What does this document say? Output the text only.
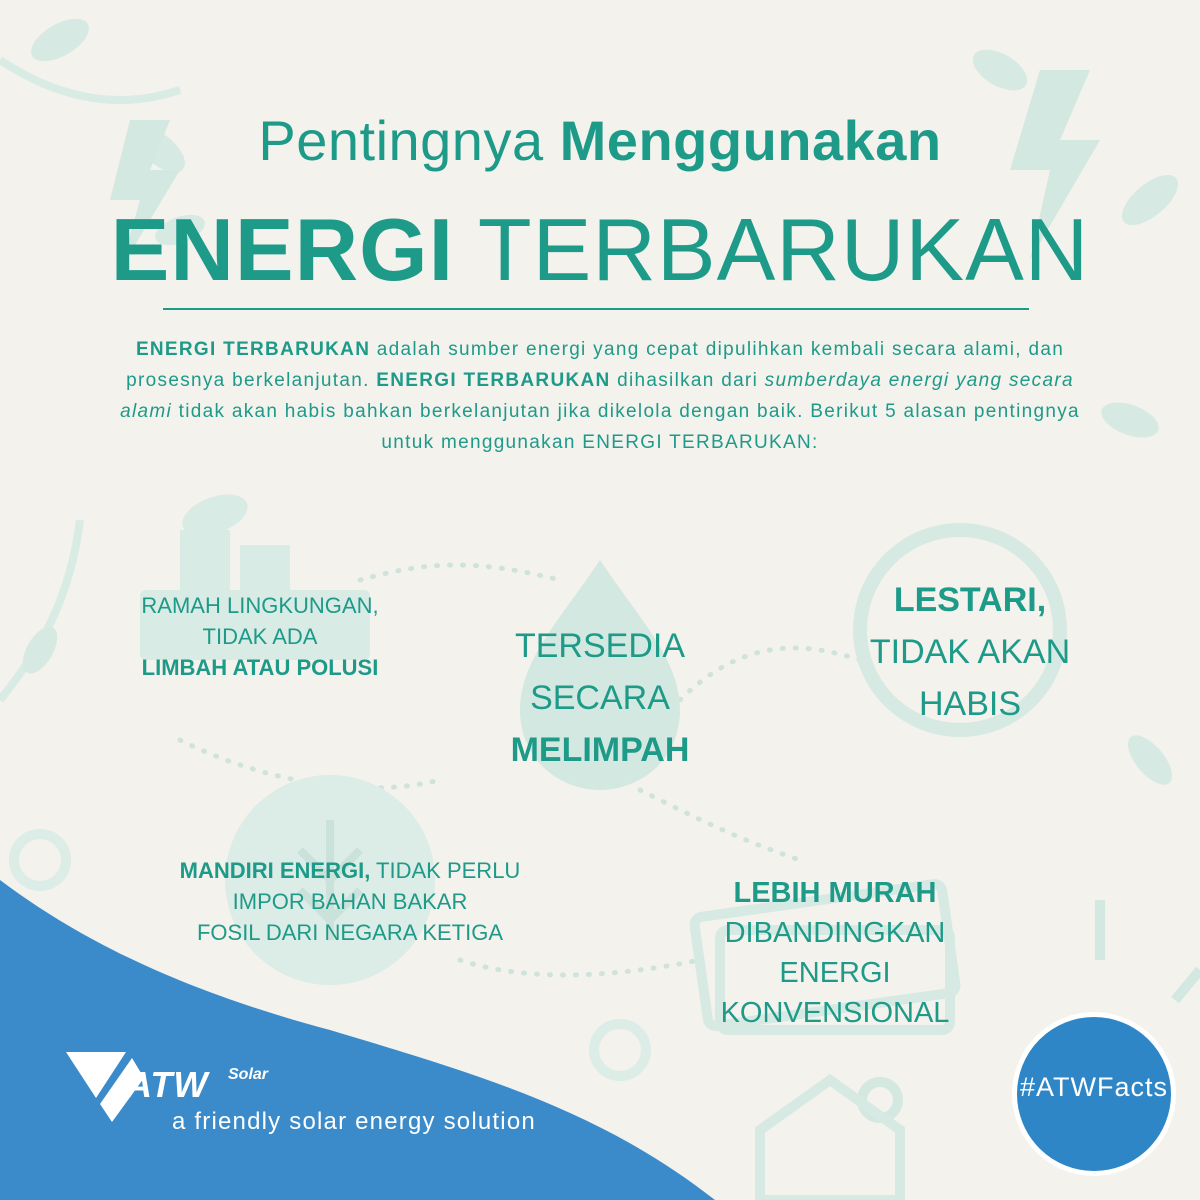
Pentingnya Menggunakan
ENERGI TERBARUKAN
ENERGI TERBARUKAN adalah sumber energi yang cepat dipulihkan kembali secara alami, dan prosesnya berkelanjutan. ENERGI TERBARUKAN dihasilkan dari sumberdaya energi yang secara alami tidak akan habis bahkan berkelanjutan jika dikelola dengan baik. Berikut 5 alasan pentingnya untuk menggunakan ENERGI TERBARUKAN:
RAMAH LINGKUNGAN,
TIDAK ADA
LIMBAH ATAU POLUSI
TERSEDIA
SECARA
MELIMPAH
LESTARI,
TIDAK AKAN
HABIS
MANDIRI ENERGI, TIDAK PERLU
IMPOR BAHAN BAKAR
FOSIL DARI NEGARA KETIGA
LEBIH MURAH
DIBANDINGKAN
ENERGI
KONVENSIONAL
ATW Solar
a friendly solar energy solution
#ATWFacts
